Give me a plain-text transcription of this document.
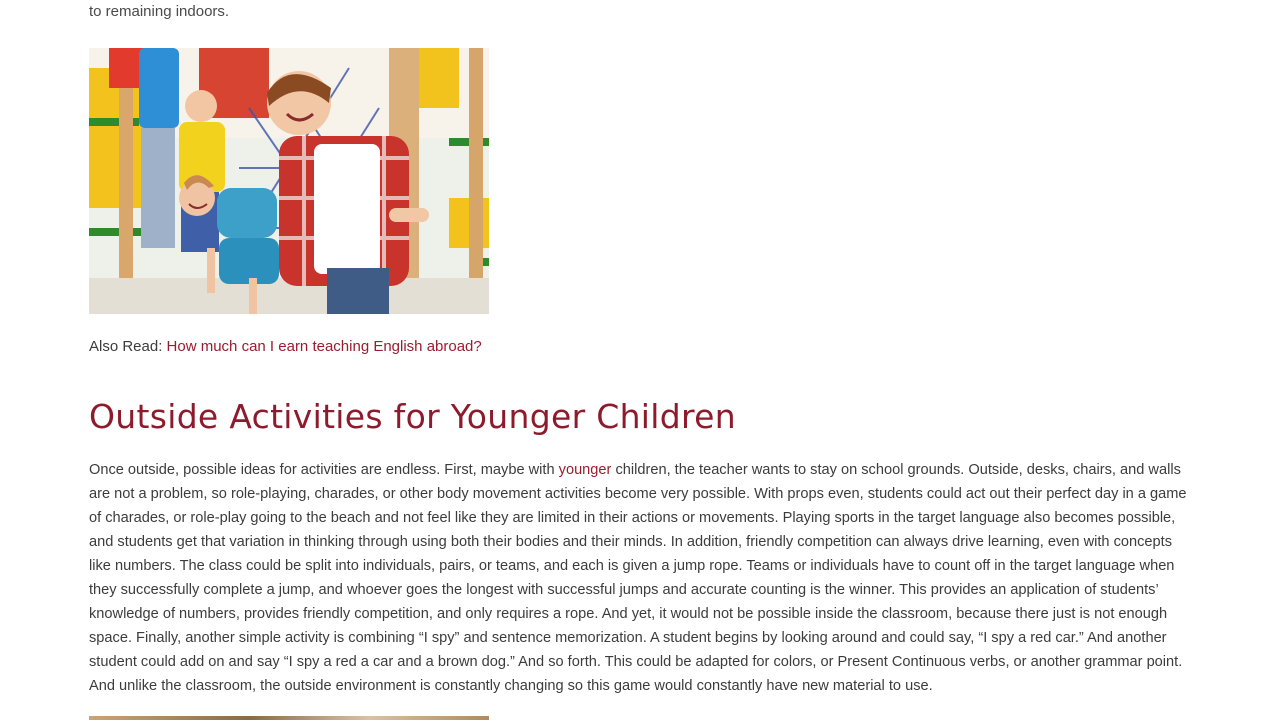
to remaining indoors.
Also Read: How much can I earn teaching English abroad?
Outside Activities for Younger Children

Once outside, possible ideas for activities are endless. First, maybe with younger children, the teacher wants to stay on school grounds. Outside, desks, chairs, and walls
are not a problem, so role-playing, charades, or other body movement activities become very possible. With props even, students could act out their perfect day in a game
of charades, or role-play going to the beach and not feel like they are limited in their actions or movements. Playing sports in the target language also becomes possible,
and students get that variation in thinking through using both their bodies and their minds. In addition, friendly competition can always drive learning, even with concepts
like numbers. The class could be split into individuals, pairs, or teams, and each is given a jump rope. Teams or individuals have to count off in the target language when
they successfully complete a jump, and whoever goes the longest with successful jumps and accurate counting is the winner. This provides an application of students’
knowledge of numbers, provides friendly competition, and only requires a rope. And yet, it would not be possible inside the classroom, because there just is not enough
space. Finally, another simple activity is combining “I spy” and sentence memorization. A student begins by looking around and could say, “I spy a red car.” And another
student could add on and say “I spy a red a car and a brown dog.” And so forth. This could be adapted for colors, or Present Continuous verbs, or another grammar point.
And unlike the classroom, the outside environment is constantly changing so this game would constantly have new material to use.
